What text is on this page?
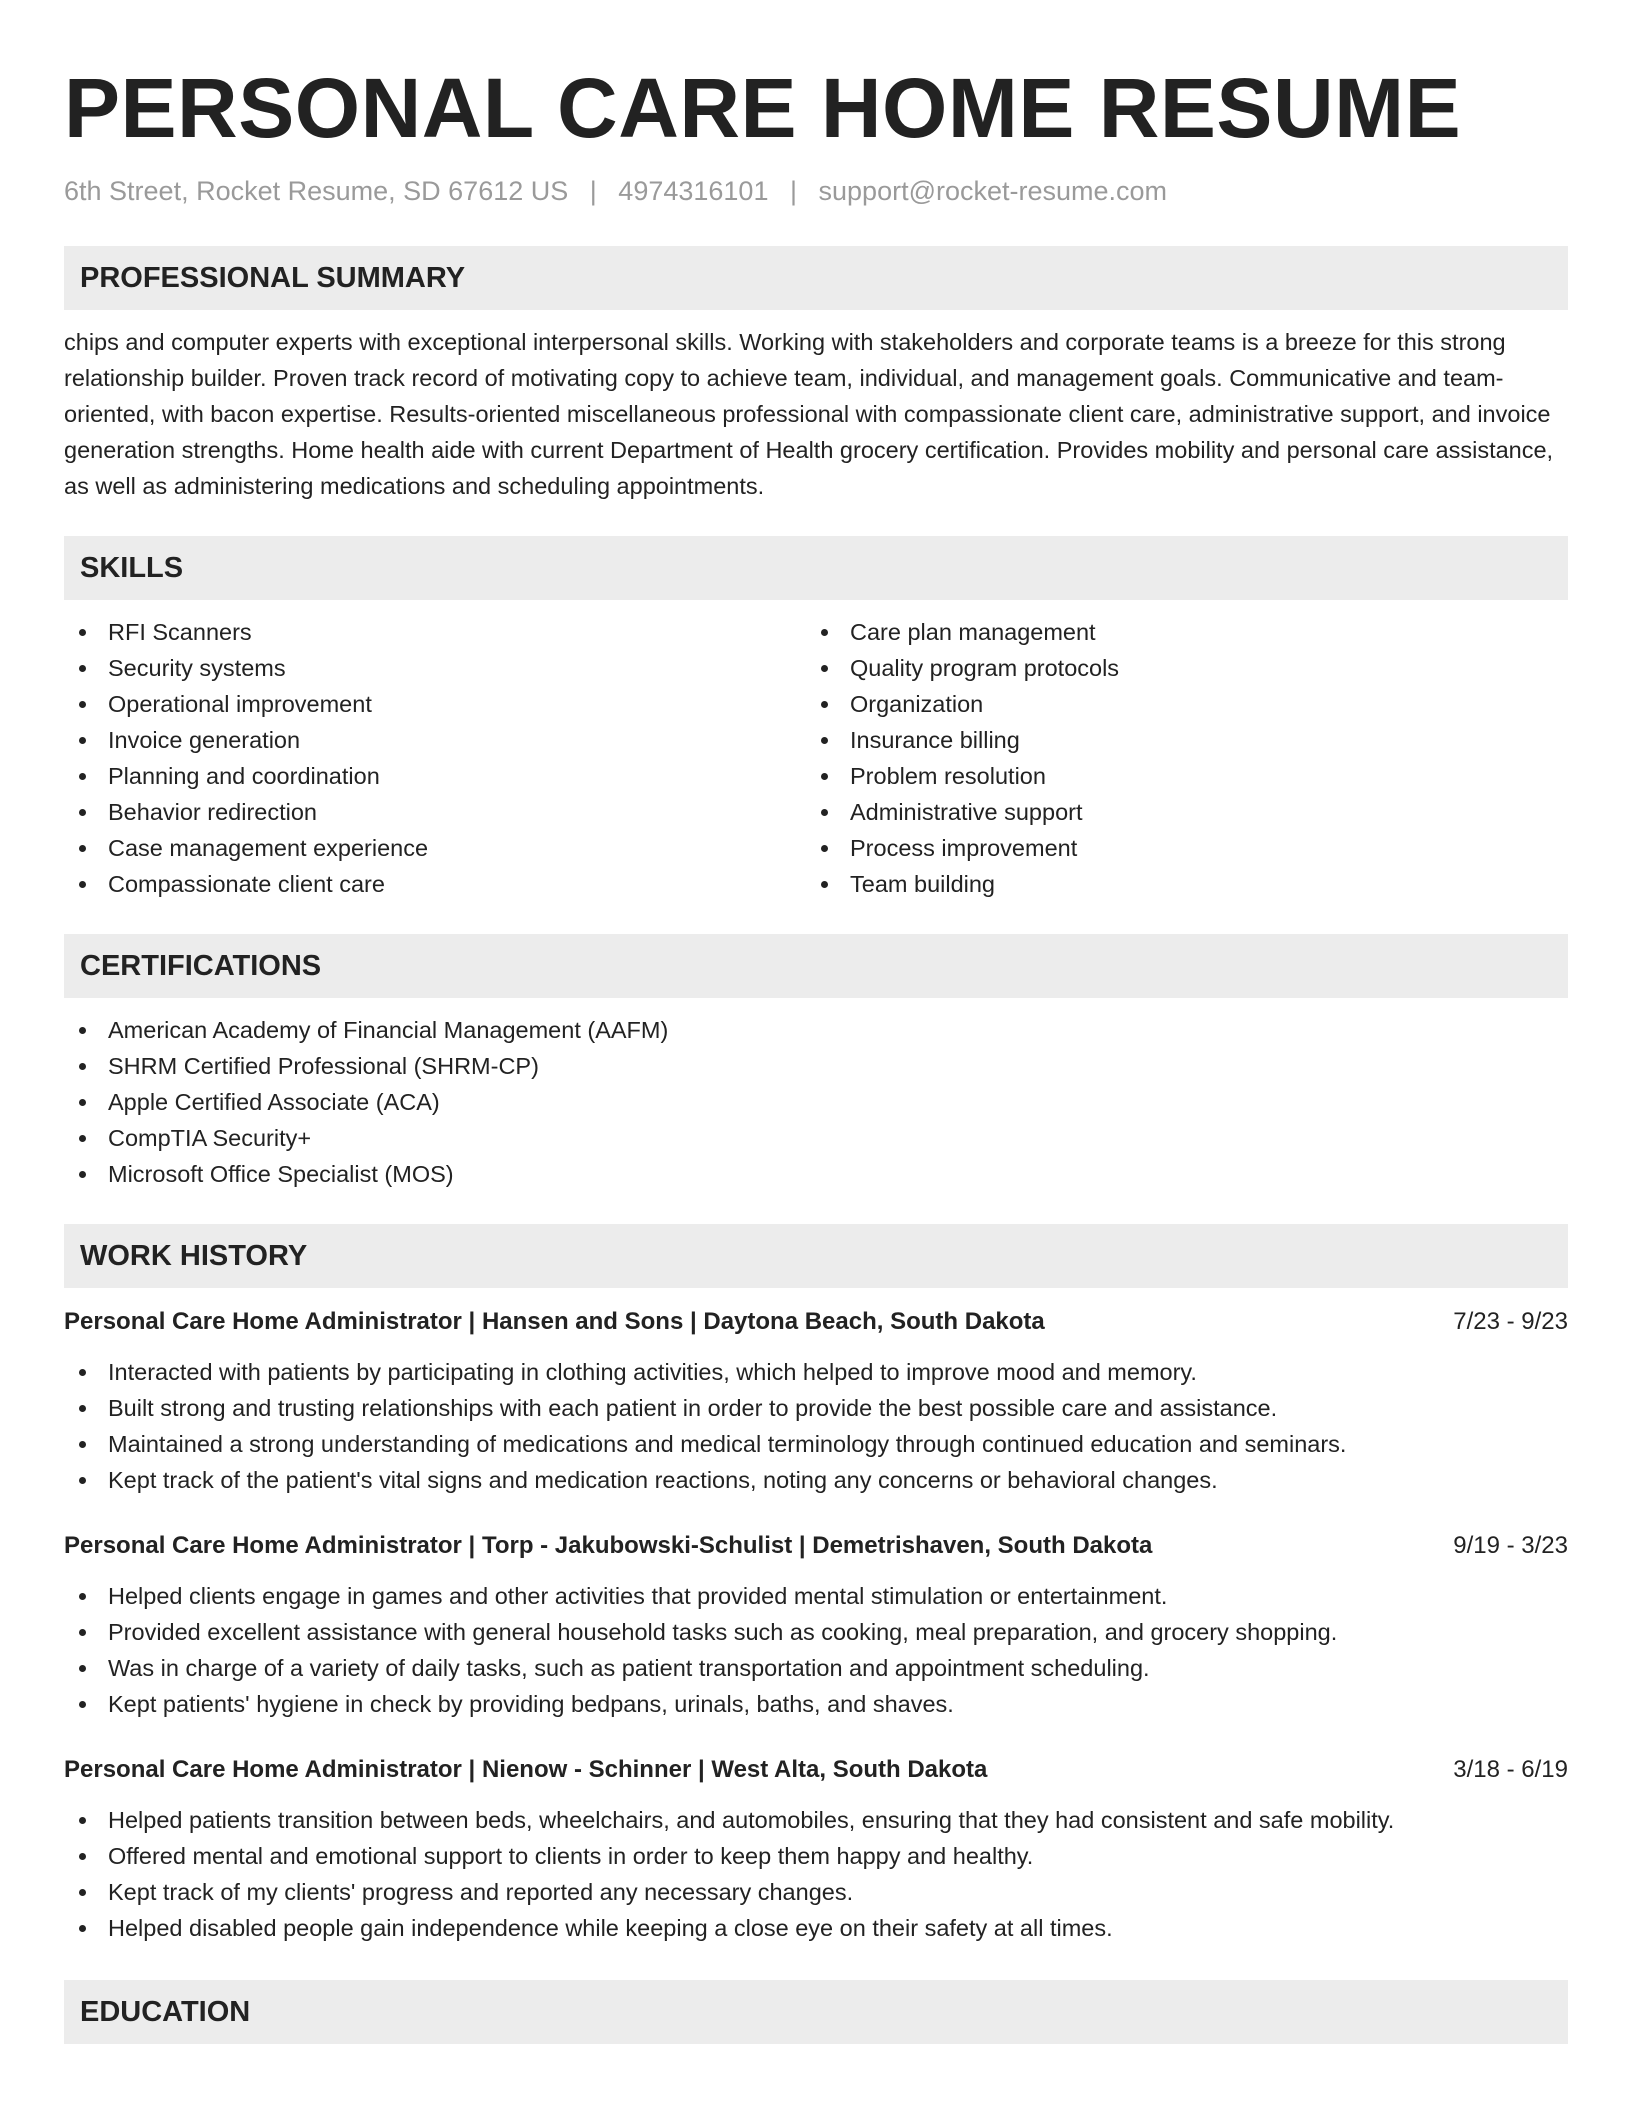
PERSONAL CARE HOME RESUME
6th Street, Rocket Resume, SD 67612 US | 4974316101 | support@rocket-resume.com
PROFESSIONAL SUMMARY

chips and computer experts with exceptional interpersonal skills. Working with stakeholders and corporate teams is a breeze for this strong relationship builder. Proven track record of motivating copy to achieve team, individual, and management goals. Communicative and team-oriented, with bacon expertise. Results-oriented miscellaneous professional with compassionate client care, administrative support, and invoice generation strengths. Home health aide with current Department of Health grocery certification. Provides mobility and personal care assistance, as well as administering medications and scheduling appointments.

SKILLS
RFI Scanners
Security systems
Operational improvement
Invoice generation
Planning and coordination
Behavior redirection
Case management experience
Compassionate client care
Care plan management
Quality program protocols
Organization
Insurance billing
Problem resolution
Administrative support
Process improvement
Team building
CERTIFICATIONS
American Academy of Financial Management (AAFM)
SHRM Certified Professional (SHRM-CP)
Apple Certified Associate (ACA)
CompTIA Security+
Microsoft Office Specialist (MOS)
WORK HISTORY
Personal Care Home Administrator | Hansen and Sons | Daytona Beach, South Dakota	7/23 - 9/23
Interacted with patients by participating in clothing activities, which helped to improve mood and memory.
Built strong and trusting relationships with each patient in order to provide the best possible care and assistance.
Maintained a strong understanding of medications and medical terminology through continued education and seminars.
Kept track of the patient's vital signs and medication reactions, noting any concerns or behavioral changes.
Personal Care Home Administrator | Torp - Jakubowski-Schulist | Demetrishaven, South Dakota	9/19 - 3/23
Helped clients engage in games and other activities that provided mental stimulation or entertainment.
Provided excellent assistance with general household tasks such as cooking, meal preparation, and grocery shopping.
Was in charge of a variety of daily tasks, such as patient transportation and appointment scheduling.
Kept patients' hygiene in check by providing bedpans, urinals, baths, and shaves.
Personal Care Home Administrator | Nienow - Schinner | West Alta, South Dakota	3/18 - 6/19
Helped patients transition between beds, wheelchairs, and automobiles, ensuring that they had consistent and safe mobility.
Offered mental and emotional support to clients in order to keep them happy and healthy.
Kept track of my clients' progress and reported any necessary changes.
Helped disabled people gain independence while keeping a close eye on their safety at all times.
EDUCATION
